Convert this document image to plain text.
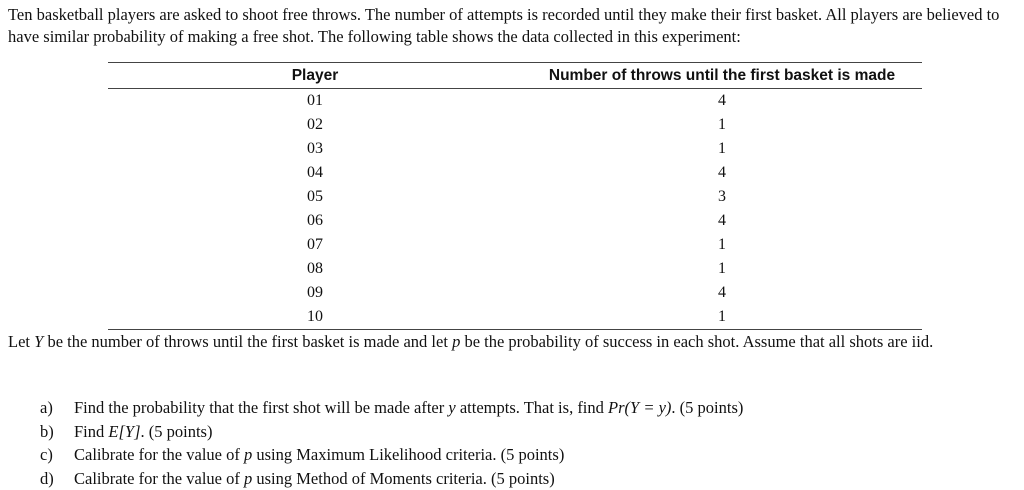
Ten basketball players are asked to shoot free throws. The number of attempts is recorded until they make their first basket. All players are believed to have similar probability of making a free shot. The following table shows the data collected in this experiment:

Player	Number of throws until the first basket is made
01	4
02	1
03	1
04	4
05	3
06	4
07	1
08	1
09	4
10	1

Let Y be the number of throws until the first basket is made and let p be the probability of success in each shot. Assume that all shots are iid.

a) Find the probability that the first shot will be made after y attempts. That is, find Pr(Y = y). (5 points)
b) Find E[Y]. (5 points)
c) Calibrate for the value of p using Maximum Likelihood criteria. (5 points)
d) Calibrate for the value of p using Method of Moments criteria. (5 points)
